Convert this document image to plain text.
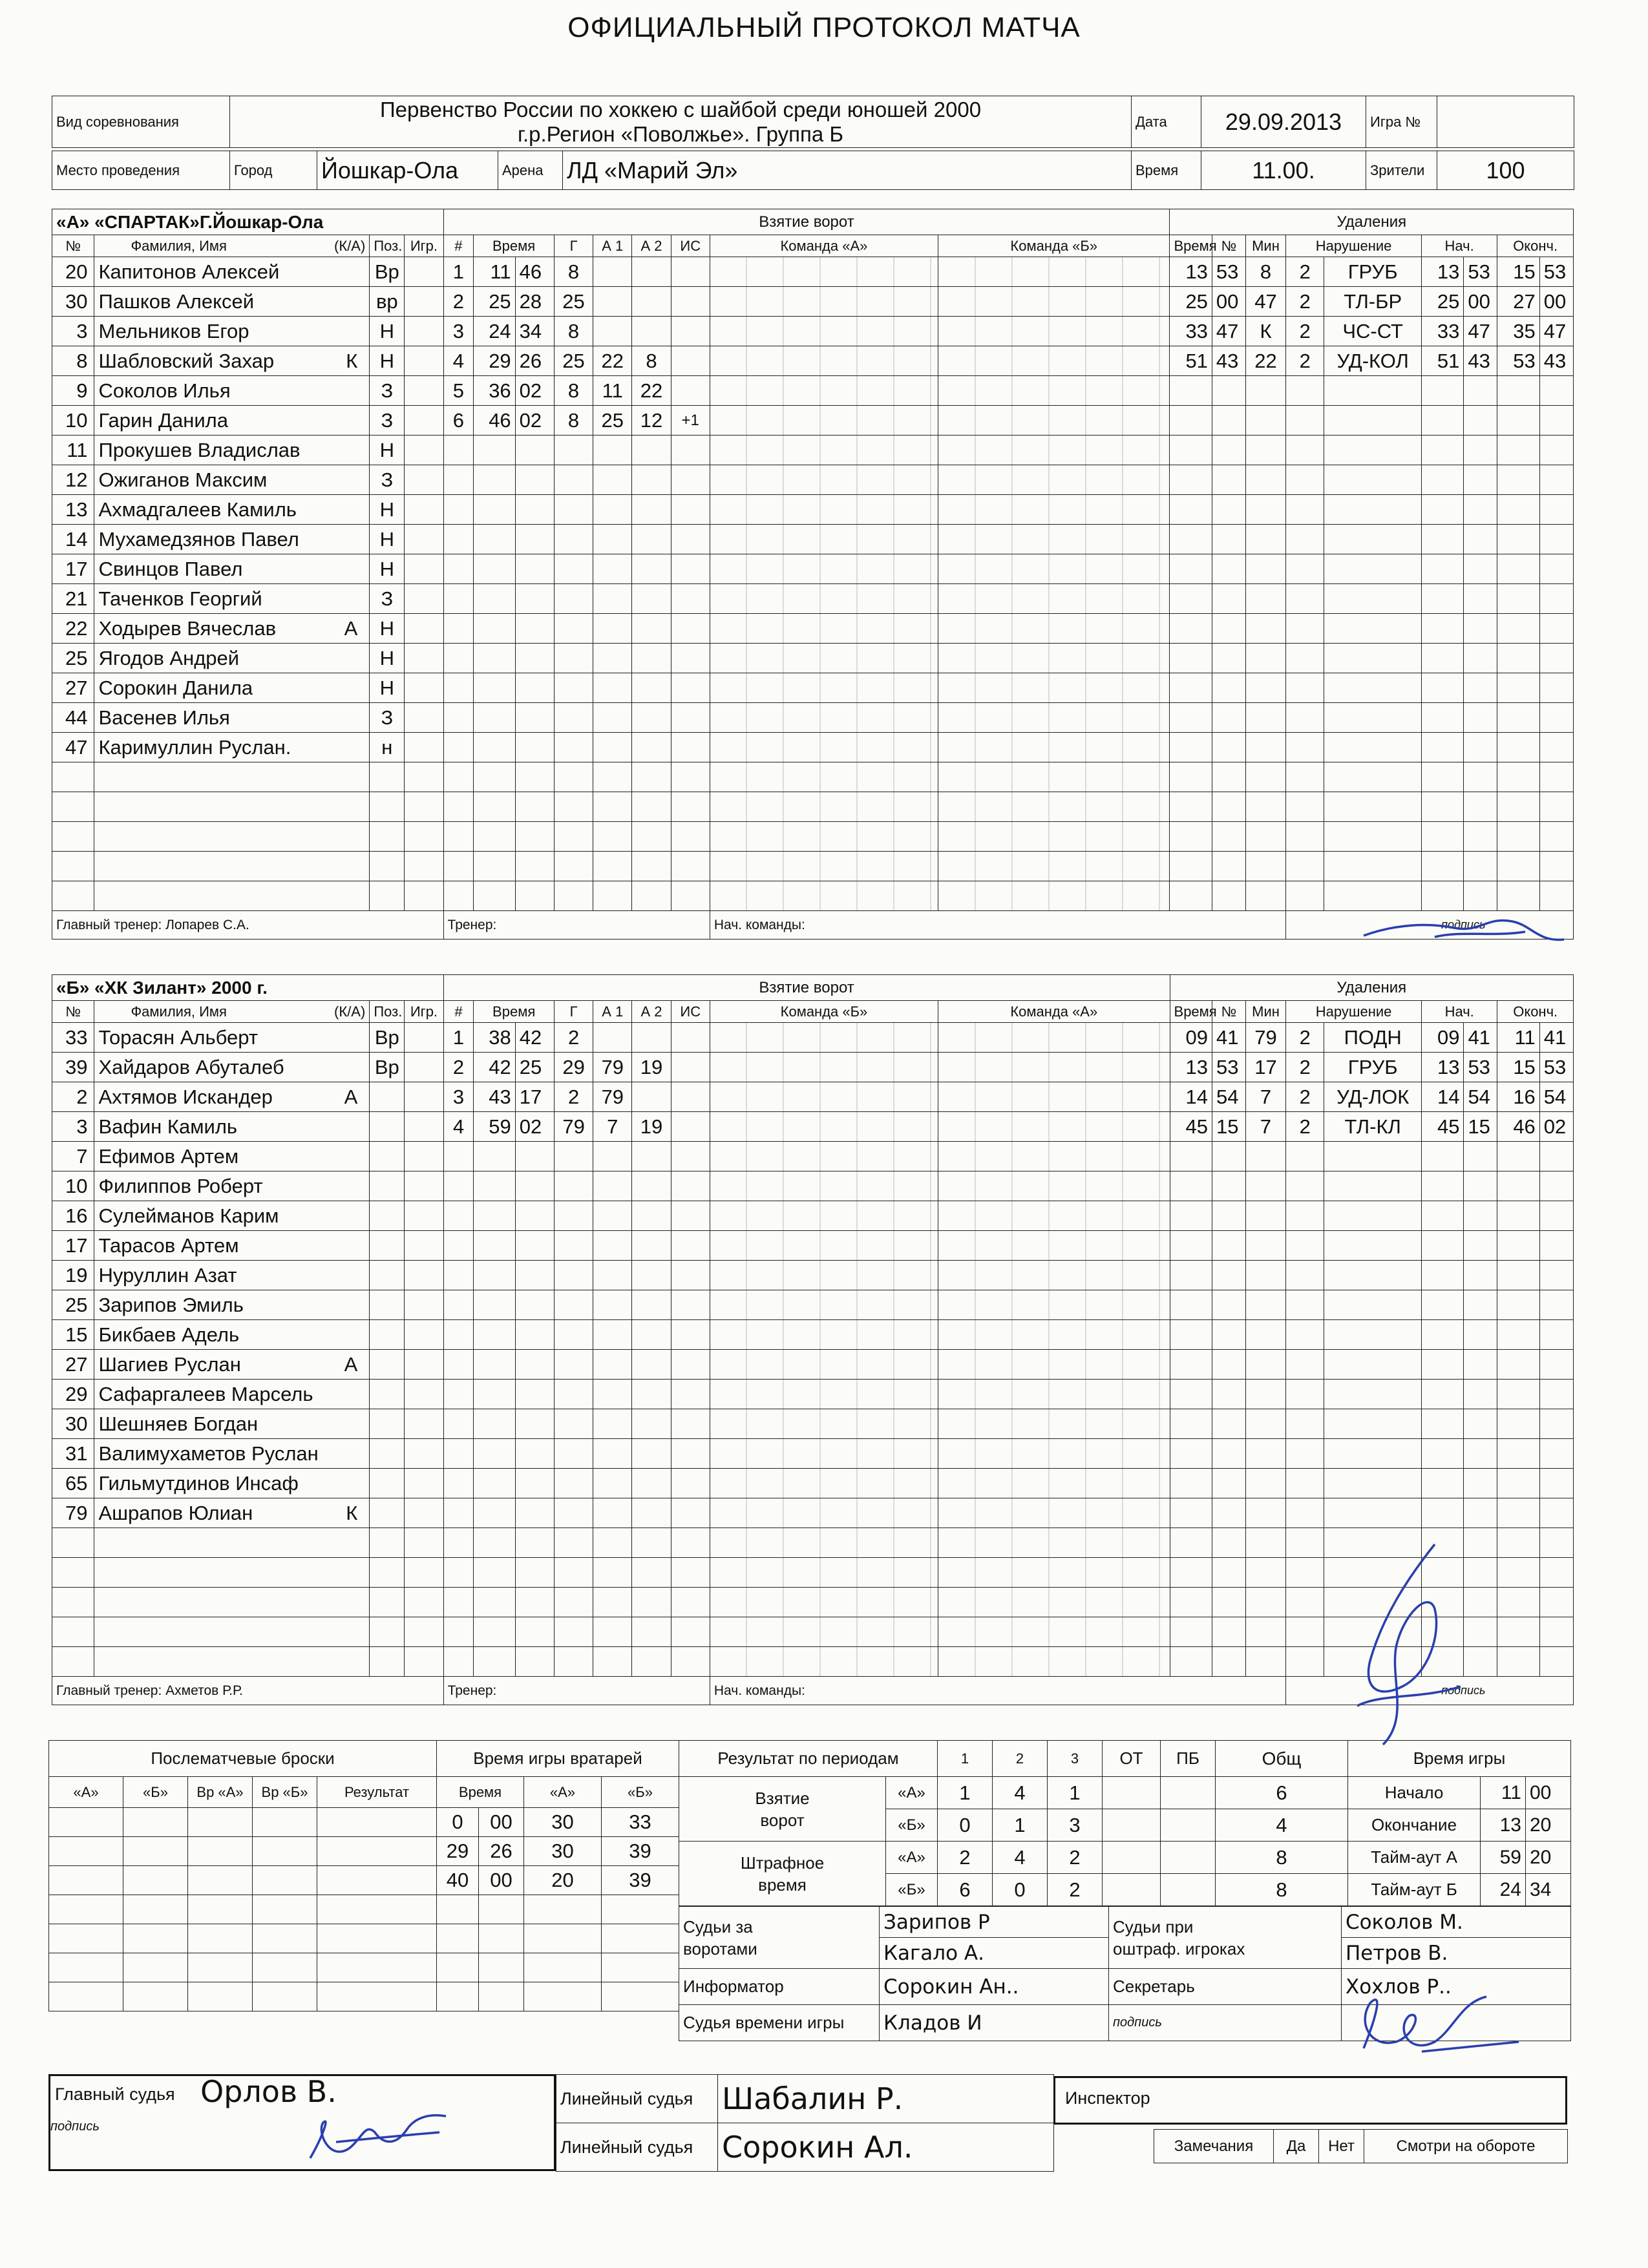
ОФИЦИАЛЬНЫЙ ПРОТОКОЛ МАТЧА
Вид соревнования	Первенство России по хоккею с шайбой среди юношей 2000 г.р.Регион «Поволжье». Группа Б	Дата	29.09.2013	Игра №	
Место проведения	Город	Йошкар-Ола	Арена	ЛД «Марий Эл»	Время	11.00.	Зрители	100
«А» «СПАРТАК»Г.Йошкар-Ола				Взятие ворот									Удаления								
№	Фамилия, Имя (К/А)	Поз.	Игр.	#	Время		Г	А 1	А 2	ИС	Команда «А»	Команда «Б»	Время	№	Мин	Нарушение		Нач.		Оконч.	
20	Капитонов Алексей	Вр		1	11	46	8						13	53	8	2	ГРУБ	13	53	15	53
30	Пашков Алексей	вр		2	25	28	25						25	00	47	2	ТЛ-БР	25	00	27	00
3	Мельников Егор	Н		3	24	34	8						33	47	К	2	ЧС-СТ	33	47	35	47
8	Шабловский Захар К	Н		4	29	26	25	22	8				51	43	22	2	УД-КОЛ	51	43	53	43
9	Соколов Илья	З		5	36	02	8	11	22												
10	Гарин Данила	З		6	46	02	8	25	12	+1											
11	Прокушев Владислав	Н																			
12	Ожиганов Максим	З																			
13	Ахмадгалеев Камиль	Н																			
14	Мухамедзянов Павел	Н																			
17	Свинцов Павел	Н																			
21	Таченков Георгий	З																			
22	Ходырев Вячеслав А	Н																			
25	Ягодов Андрей	Н																			
27	Сорокин Данила	Н																			
44	Васенев Илья	З																			
47	Каримуллин Руслан.	н																			

Главный тренер: Лопарев С.А.				Тренер:							Нач. команды:					подпись					
«Б» «ХК Зилант» 2000 г.				Взятие ворот									Удаления								
№	Фамилия, Имя (К/А)	Поз.	Игр.	#	Время		Г	А 1	А 2	ИС	Команда «Б»	Команда «А»	Время	№	Мин	Нарушение		Нач.		Оконч.	
33	Торасян Альберт	Вр		1	38	42	2						09	41	79	2	ПОДН	09	41	11	41
39	Хайдаров Абуталеб	Вр		2	42	25	29	79	19				13	53	17	2	ГРУБ	13	53	15	53
2	Ахтямов Искандер А			3	43	17	2	79					14	54	7	2	УД-ЛОК	14	54	16	54
3	Вафин Камиль			4	59	02	79	7	19				45	15	7	2	ТЛ-КЛ	45	15	46	02
7	Ефимов Артем

10	Филиппов Роберт

16	Сулейманов Карим

17	Тарасов Артем

19	Нуруллин Азат

25	Зарипов Эмиль

15	Бикбаев Адель

27	Шагиев Руслан А																				

29	Сафаргалеев Марсель

30	Шешняев Богдан

31	Валимухаметов Руслан

65	Гильмутдинов Инсаф

79	Ашрапов Юлиан К																				

Главный тренер: Ахметов Р.Р.				Тренер:							Нач. команды:					подпись					
Послематчевые броски				
«А»	«Б»	Вр «А»	Вр «Б»	Результат

Время игры вратарей			
Время		«А»	«Б»
0	00	30	33
29	26	30	39
40	00	20	39

Результат по периодам		1	2	3	ОТ	ПБ	Общ
Взятие ворот	«А»	1	4	1			6
	«Б»	0	1	3			4
Штрафное время	«А»	2	4	2			8
	«Б»	6	0	2			8
Время игры		
Начало	11	00
Окончание	13	20
Тайм-аут А	59	20
Тайм-аут Б	24	34
Судьи за воротами	Зарипов Р	Судьи при оштраф. игроках	Соколов М.
	Кагало А.		Петров В.
Информатор	Сорокин Ан..	Секретарь	Хохлов Р..
Судья времени игры	Кладов И	подпись	
Главный судья Орлов В.
подпись
Линейный судья	Шабалин Р.
Линейный судья	Сорокин Ал.
Инспектор
Замечания	Да	Нет	Смотри на обороте
